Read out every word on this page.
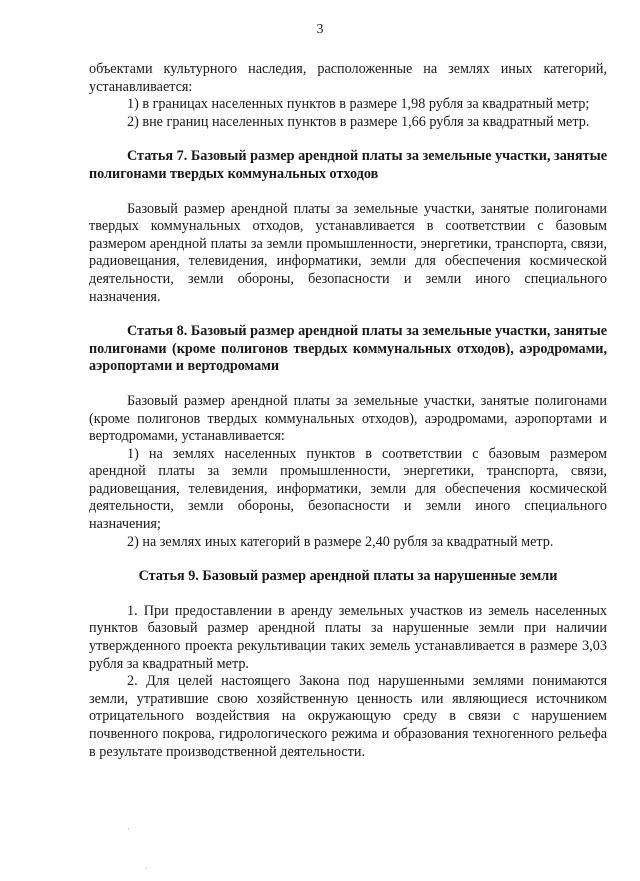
3

объектами культурного наследия, расположенные на землях иных категорий, устанавливается:

1) в границах населенных пунктов в размере 1,98 рубля за квадратный метр;

2) вне границ населенных пунктов в размере 1,66 рубля за квадратный метр.

Статья 7. Базовый размер арендной платы за земельные участки, занятые полигонами твердых коммунальных отходов

Базовый размер арендной платы за земельные участки, занятые полигонами твердых коммунальных отходов, устанавливается в соответствии с базовым размером арендной платы за земли промышленности, энергетики, транспорта, связи, радиовещания, телевидения, информатики, земли для обеспечения космической деятельности, земли обороны, безопасности и земли иного специального назначения.

Статья 8. Базовый размер арендной платы за земельные участки, занятые полигонами (кроме полигонов твердых коммунальных отходов), аэродромами, аэропортами и вертодромами

Базовый размер арендной платы за земельные участки, занятые полигонами (кроме полигонов твердых коммунальных отходов), аэродромами, аэропортами и вертодромами, устанавливается:

1) на землях населенных пунктов в соответствии с базовым размером арендной платы за земли промышленности, энергетики, транспорта, связи, радиовещания, телевидения, информатики, земли для обеспечения космической деятельности, земли обороны, безопасности и земли иного специального назначения;

2) на землях иных категорий в размере 2,40 рубля за квадратный метр.

Статья 9. Базовый размер арендной платы за нарушенные земли

1. При предоставлении в аренду земельных участков из земель населенных пунктов базовый размер арендной платы за нарушенные земли при наличии утвержденного проекта рекультивации таких земель устанавливается в размере 3,03 рубля за квадратный метр.

2. Для целей настоящего Закона под нарушенными землями понимаются земли, утратившие свою хозяйственную ценность или являющиеся источником отрицательного воздействия на окружающую среду в связи с нарушением почвенного покрова, гидрологического режима и образования техногенного рельефа в результате производственной деятельности.
